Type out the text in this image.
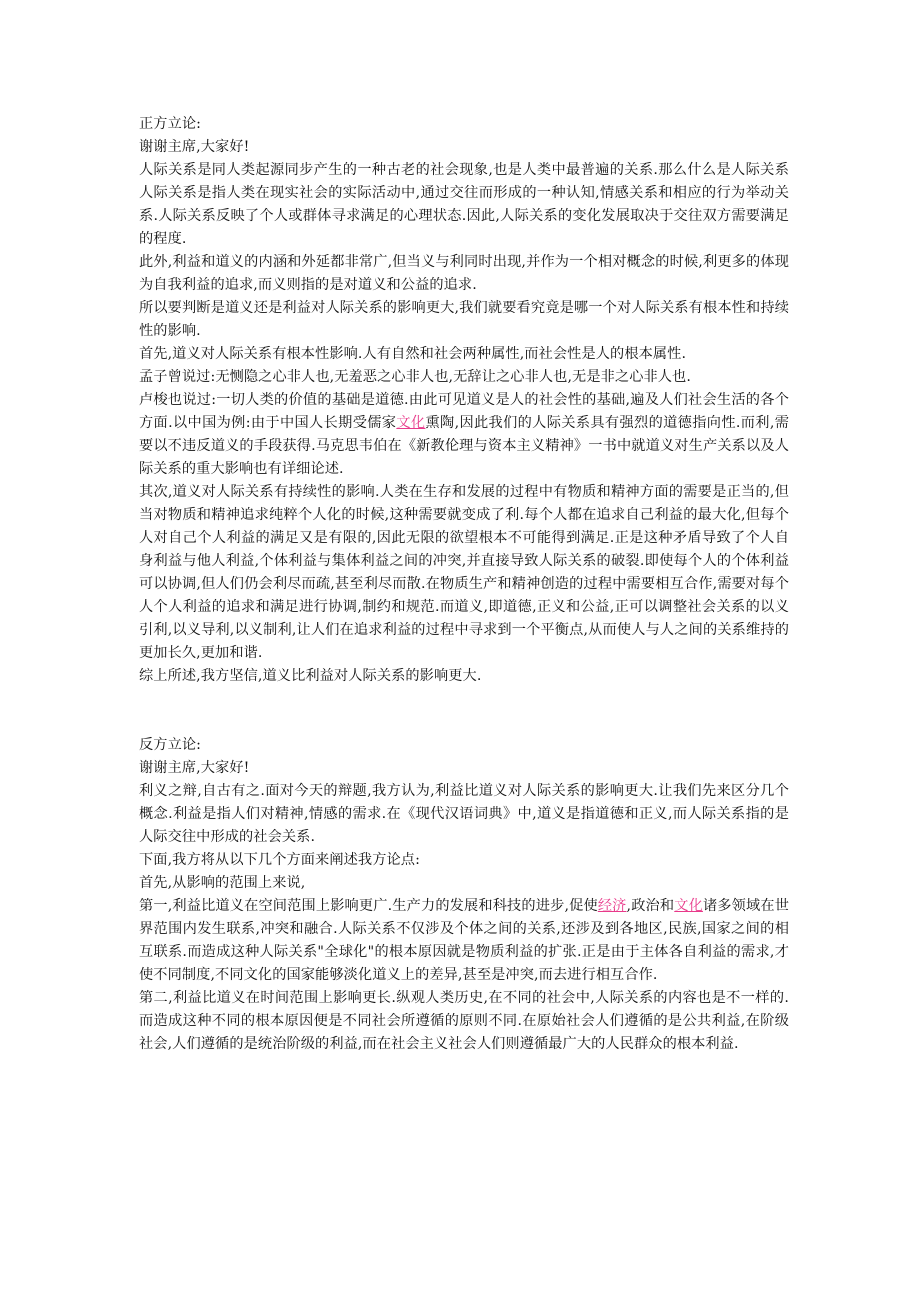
正方立论:

谢谢主席,大家好!

人际关系是同人类起源同步产生的一种古老的社会现象,也是人类中最普遍的关系.那么什么是人际关系 人际关系是指人类在现实社会的实际活动中,通过交往而形成的一种认知,情感关系和相应的行为举动关系.人际关系反映了个人或群体寻求满足的心理状态.因此,人际关系的变化发展取决于交往双方需要满足的程度.

此外,利益和道义的内涵和外延都非常广,但当义与利同时出现,并作为一个相对概念的时候,利更多的体现为自我利益的追求,而义则指的是对道义和公益的追求.

所以要判断是道义还是利益对人际关系的影响更大,我们就要看究竟是哪一个对人际关系有根本性和持续性的影响.

首先,道义对人际关系有根本性影响.人有自然和社会两种属性,而社会性是人的根本属性.

孟子曾说过:无恻隐之心非人也,无羞恶之心非人也,无辞让之心非人也,无是非之心非人也.

卢梭也说过:一切人类的价值的基础是道德.由此可见道义是人的社会性的基础,遍及人们社会生活的各个方面.以中国为例:由于中国人长期受儒家文化熏陶,因此我们的人际关系具有强烈的道德指向性.而利,需要以不违反道义的手段获得.马克思韦伯在《新教伦理与资本主义精神》一书中就道义对生产关系以及人际关系的重大影响也有详细论述.

其次,道义对人际关系有持续性的影响.人类在生存和发展的过程中有物质和精神方面的需要是正当的,但当对物质和精神追求纯粹个人化的时候,这种需要就变成了利.每个人都在追求自己利益的最大化,但每个人对自己个人利益的满足又是有限的,因此无限的欲望根本不可能得到满足.正是这种矛盾导致了个人自身利益与他人利益,个体利益与集体利益之间的冲突,并直接导致人际关系的破裂.即使每个人的个体利益可以协调,但人们仍会利尽而疏,甚至利尽而散.在物质生产和精神创造的过程中需要相互合作,需要对每个人个人利益的追求和满足进行协调,制约和规范.而道义,即道德,正义和公益,正可以调整社会关系的以义引利,以义导利,以义制利,让人们在追求利益的过程中寻求到一个平衡点,从而使人与人之间的关系维持的更加长久,更加和谐.

综上所述,我方坚信,道义比利益对人际关系的影响更大.

反方立论:

谢谢主席,大家好!

利义之辩,自古有之.面对今天的辩题,我方认为,利益比道义对人际关系的影响更大.让我们先来区分几个概念.利益是指人们对精神,情感的需求.在《现代汉语词典》中,道义是指道德和正义,而人际关系指的是人际交往中形成的社会关系.

下面,我方将从以下几个方面来阐述我方论点:

首先,从影响的范围上来说,

第一,利益比道义在空间范围上影响更广.生产力的发展和科技的进步,促使经济,政治和文化诸多领域在世界范围内发生联系,冲突和融合.人际关系不仅涉及个体之间的关系,还涉及到各地区,民族,国家之间的相互联系.而造成这种人际关系"全球化"的根本原因就是物质利益的扩张.正是由于主体各自利益的需求,才使不同制度,不同文化的国家能够淡化道义上的差异,甚至是冲突,而去进行相互合作.

第二,利益比道义在时间范围上影响更长.纵观人类历史,在不同的社会中,人际关系的内容也是不一样的.而造成这种不同的根本原因便是不同社会所遵循的原则不同.在原始社会人们遵循的是公共利益,在阶级社会,人们遵循的是统治阶级的利益,而在社会主义社会人们则遵循最广大的人民群众的根本利益.
